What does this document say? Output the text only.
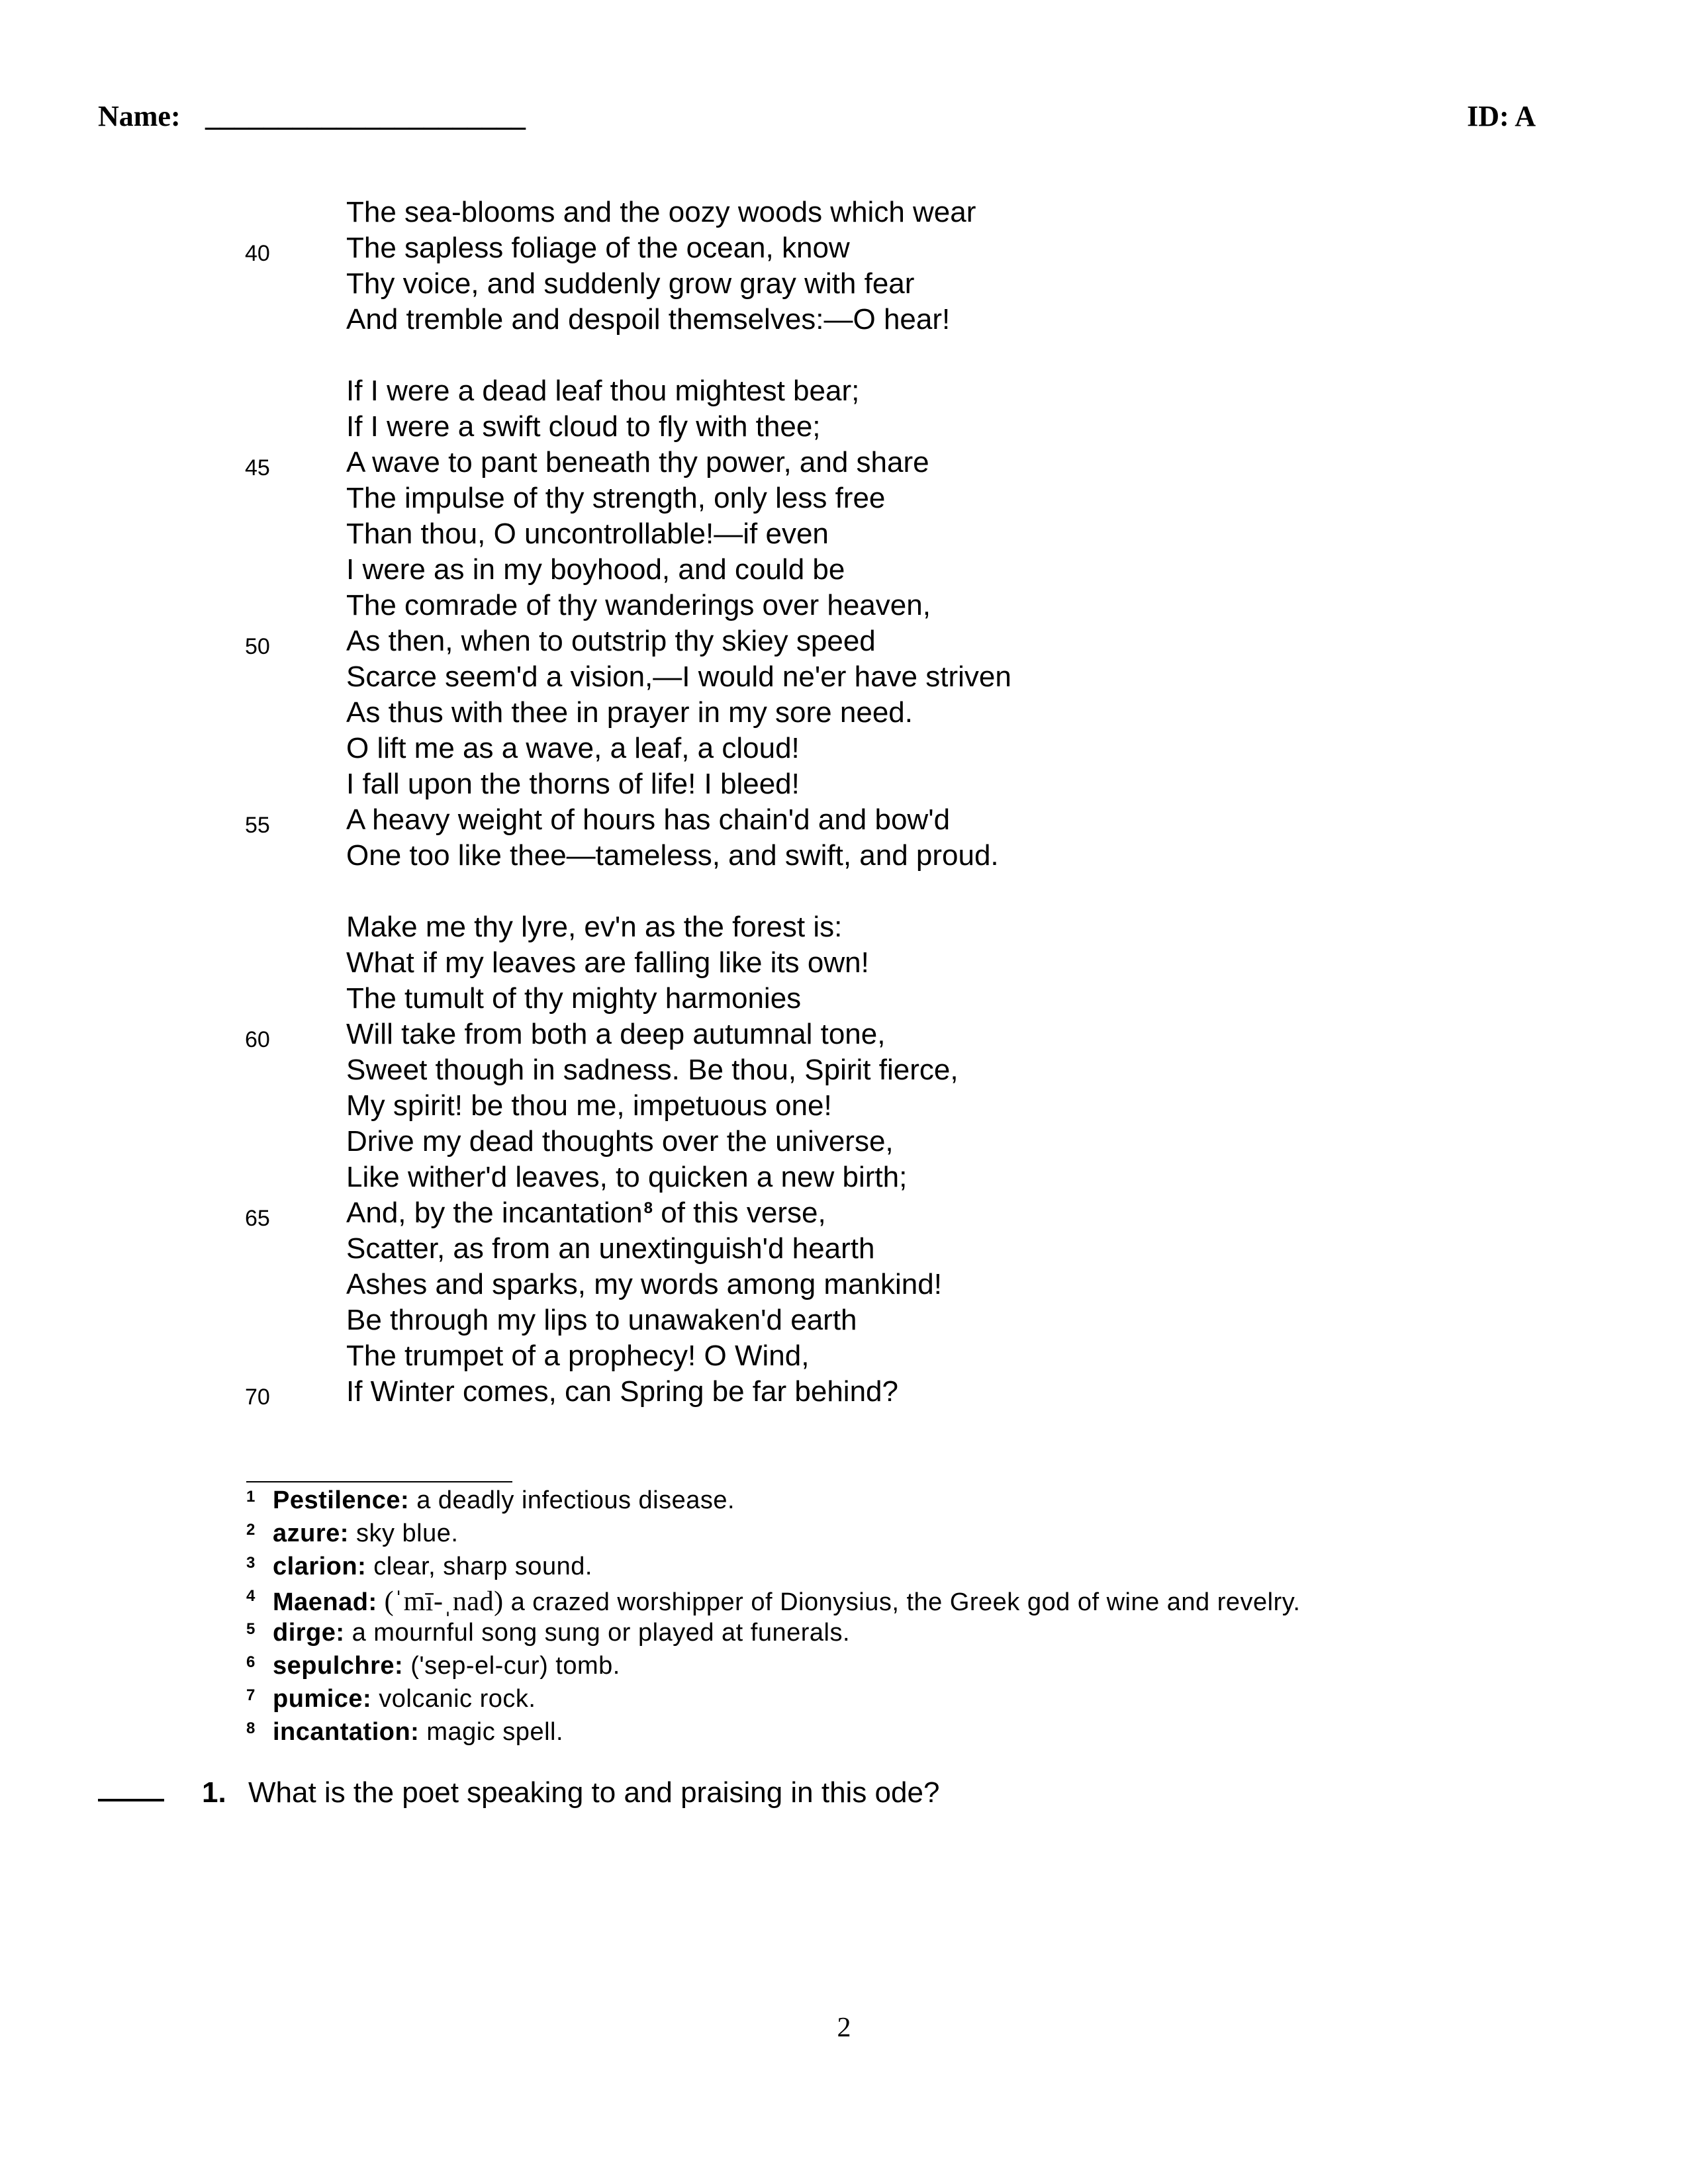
Name: ______________________	ID: A
The sea-blooms and the oozy woods which wear
40	The sapless foliage of the ocean, know
Thy voice, and suddenly grow gray with fear
And tremble and despoil themselves:—O hear!
If I were a dead leaf thou mightest bear;
If I were a swift cloud to fly with thee;
45	A wave to pant beneath thy power, and share
The impulse of thy strength, only less free
Than thou, O uncontrollable!—if even
I were as in my boyhood, and could be
The comrade of thy wanderings over heaven,
50	As then, when to outstrip thy skiey speed
Scarce seem'd a vision,—I would ne'er have striven
As thus with thee in prayer in my sore need.
O lift me as a wave, a leaf, a cloud!
I fall upon the thorns of life! I bleed!
55	A heavy weight of hours has chain'd and bow'd
One too like thee—tameless, and swift, and proud.
Make me thy lyre, ev'n as the forest is:
What if my leaves are falling like its own!
The tumult of thy mighty harmonies
60	Will take from both a deep autumnal tone,
Sweet though in sadness. Be thou, Spirit fierce,
My spirit! be thou me, impetuous one!
Drive my dead thoughts over the universe,
Like wither'd leaves, to quicken a new birth;
65	And, by the incantation$^8$ of this verse,
Scatter, as from an unextinguish'd hearth
Ashes and sparks, my words among mankind!
Be through my lips to unawaken'd earth
The trumpet of a prophecy! O Wind,
70	If Winter comes, can Spring be far behind?
1 Pestilence: a deadly infectious disease.
2 azure: sky blue.
3 clarion: clear, sharp sound.
4 Maenad: (ˈmī-ˌnad) a crazed worshipper of Dionysius, the Greek god of wine and revelry.
5 dirge: a mournful song sung or played at funerals.
6 sepulchre: ('sep-el-cur) tomb.
7 pumice: volcanic rock.
8 incantation: magic spell.
1. What is the poet speaking to and praising in this ode?
2
